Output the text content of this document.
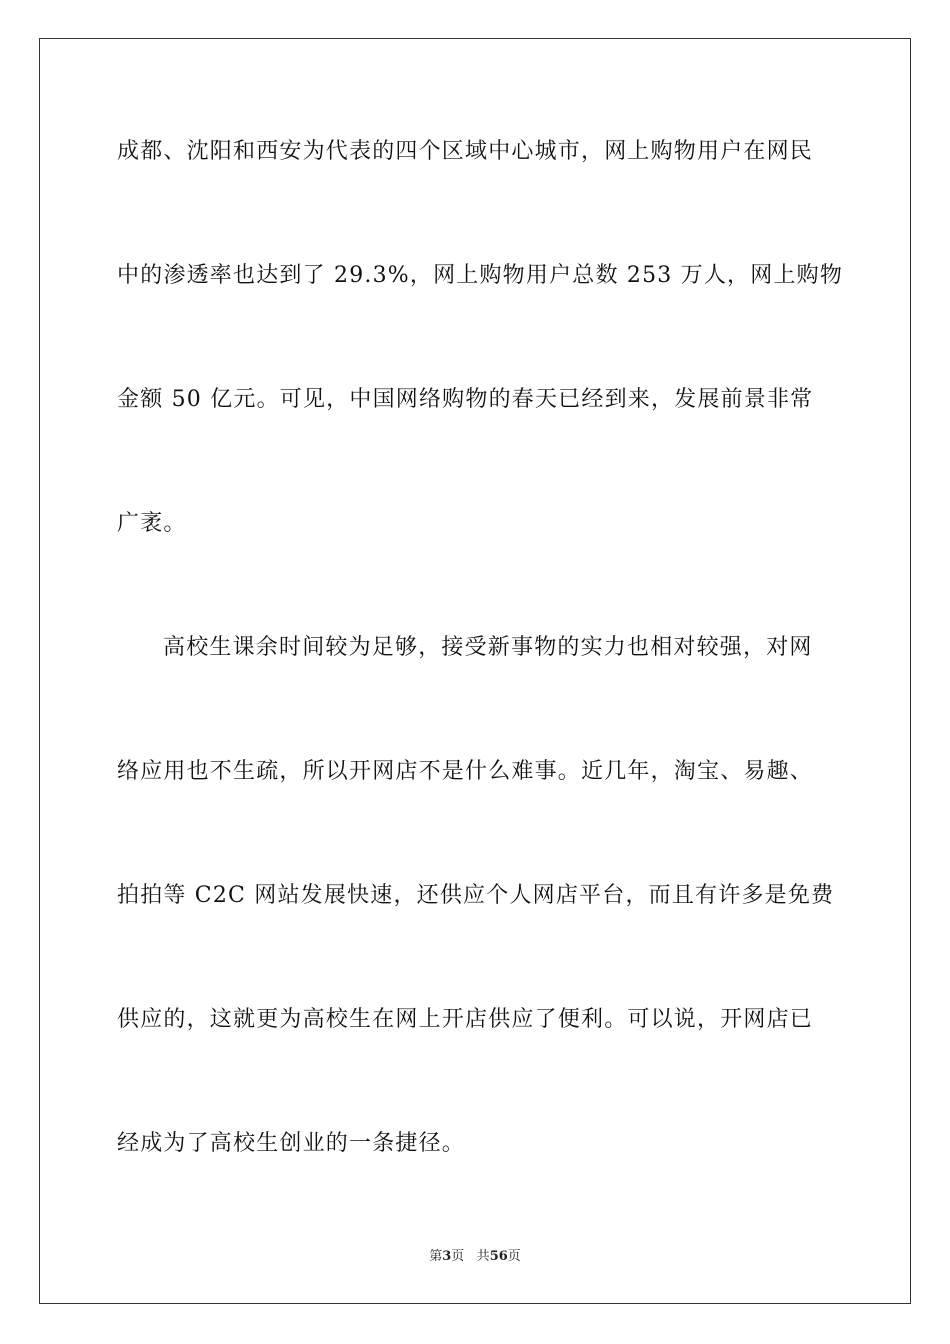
成都、沈阳和西安为代表的四个区域中心城市，网上购物用户在网民
中的渗透率也达到了 29.3%，网上购物用户总数 253 万人，网上购物
金额 50 亿元。可见，中国网络购物的春天已经到来，发展前景非常
广袤。
高校生课余时间较为足够，接受新事物的实力也相对较强，对网
络应用也不生疏，所以开网店不是什么难事。近几年，淘宝、易趣、
拍拍等 C2C 网站发展快速，还供应个人网店平台，而且有许多是免费
供应的，这就更为高校生在网上开店供应了便利。可以说，开网店已
经成为了高校生创业的一条捷径。
第3页 共56页
